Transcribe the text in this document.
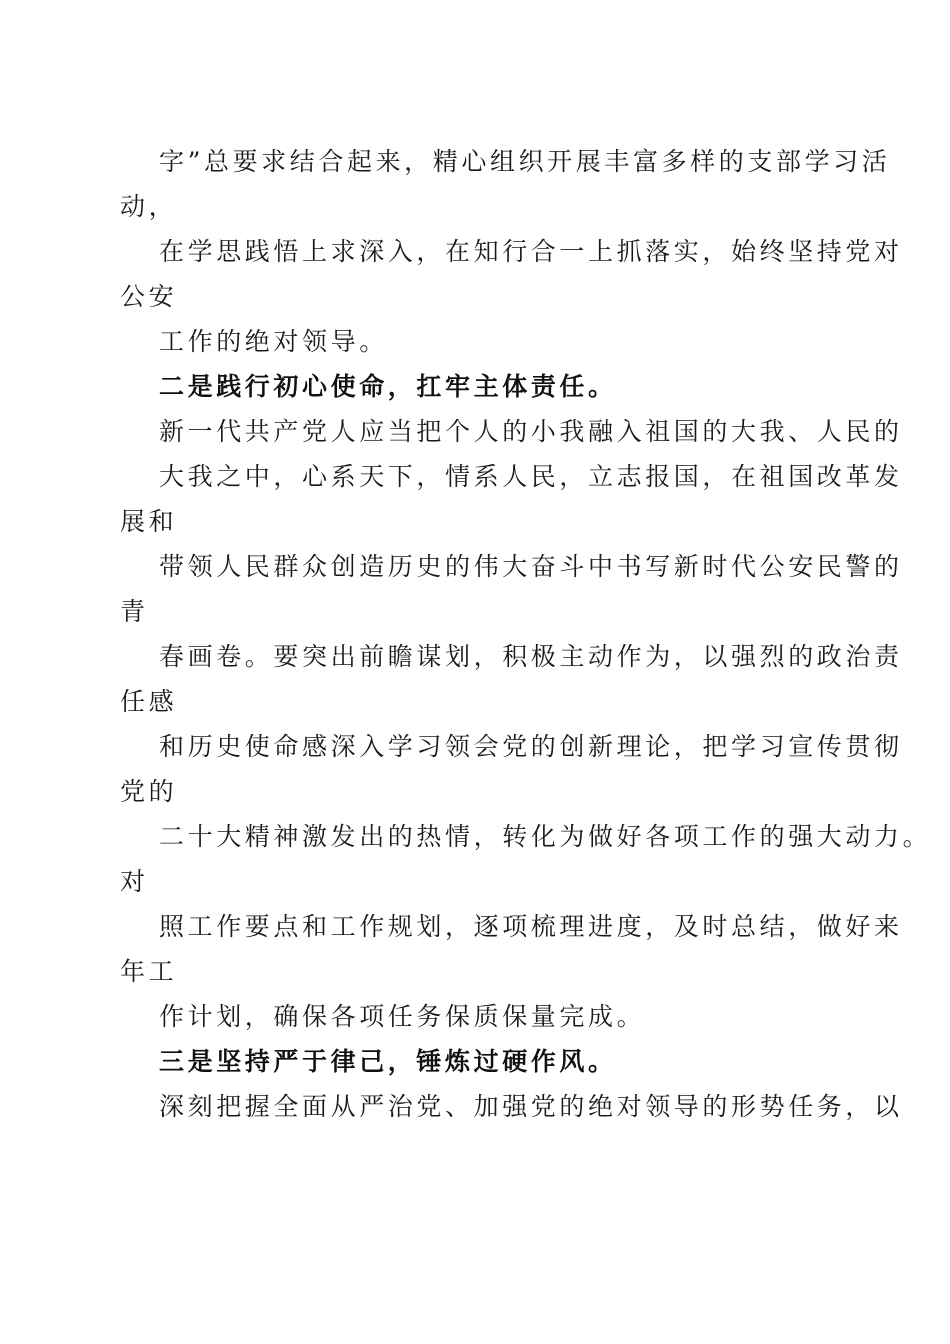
字”总要求结合起来，精心组织开展丰富多样的支部学习活

动，

在学思践悟上求深入，在知行合一上抓落实，始终坚持党对

公安

工作的绝对领导。

二是践行初心使命，扛牢主体责任。

新一代共产党人应当把个人的小我融入祖国的大我、人民的

大我之中，心系天下，情系人民，立志报国，在祖国改革发

展和

带领人民群众创造历史的伟大奋斗中书写新时代公安民警的

青

春画卷。要突出前瞻谋划，积极主动作为，以强烈的政治责

任感

和历史使命感深入学习领会党的创新理论，把学习宣传贯彻

党的

二十大精神激发出的热情，转化为做好各项工作的强大动力。

对

照工作要点和工作规划，逐项梳理进度，及时总结，做好来

年工

作计划，确保各项任务保质保量完成。

三是坚持严于律己，锤炼过硬作风。

深刻把握全面从严治党、加强党的绝对领导的形势任务，以
